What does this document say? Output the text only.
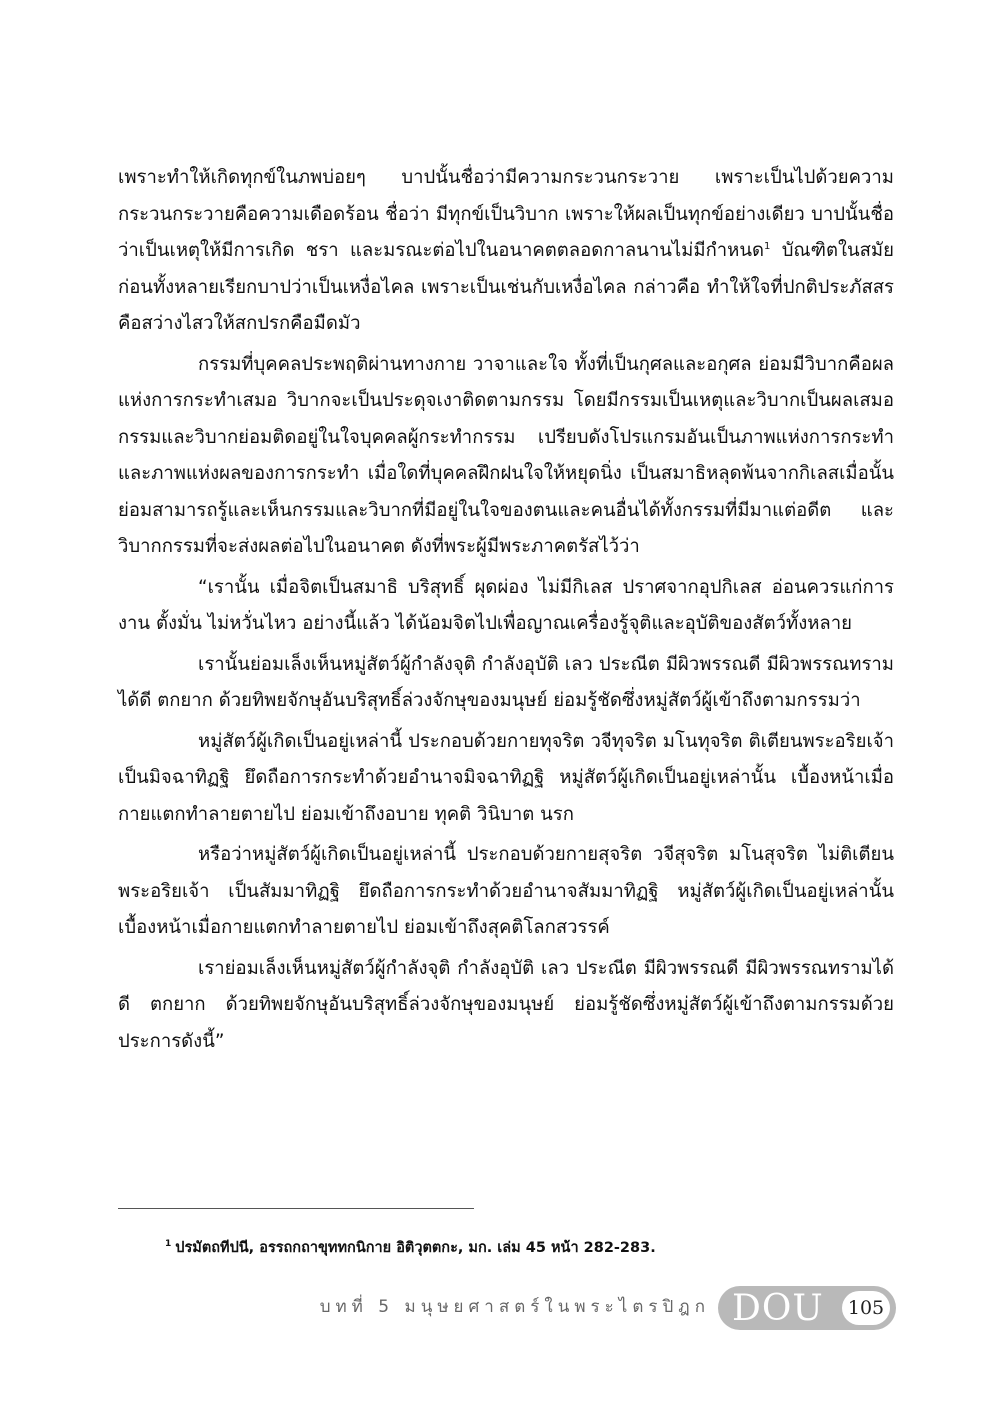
เพราะทำให้เกิดทุกข์ในภพบ่อยๆ บาปนั้นชื่อว่ามีความกระวนกระวาย เพราะเป็นไปด้วยความกระวนกระวายคือความเดือดร้อน ชื่อว่า มีทุกข์เป็นวิบาก เพราะให้ผลเป็นทุกข์อย่างเดียว บาปนั้นชื่อว่าเป็นเหตุให้มีการเกิด ชรา และมรณะต่อไปในอนาคตตลอดกาลนานไม่มีกำหนด$^1$ บัณฑิตในสมัยก่อนทั้งหลายเรียกบาปว่าเป็นเหงื่อไคล เพราะเป็นเช่นกับเหงื่อไคล กล่าวคือ ทำให้ใจที่ปกติประภัสสรคือสว่างไสวให้สกปรกคือมืดมัว

กรรมที่บุคคลประพฤติผ่านทางกาย วาจาและใจ ทั้งที่เป็นกุศลและอกุศล ย่อมมีวิบากคือผลแห่งการกระทำเสมอ วิบากจะเป็นประดุจเงาติดตามกรรม โดยมีกรรมเป็นเหตุและวิบากเป็นผลเสมอ กรรมและวิบากย่อมติดอยู่ในใจบุคคลผู้กระทำกรรม เปรียบดังโปรแกรมอันเป็นภาพแห่งการกระทำและภาพแห่งผลของการกระทำ เมื่อใดที่บุคคลฝึกฝนใจให้หยุดนิ่ง เป็นสมาธิหลุดพ้นจากกิเลสเมื่อนั้นย่อมสามารถรู้และเห็นกรรมและวิบากที่มีอยู่ในใจของตนและคนอื่นได้ทั้งกรรมที่มีมาแต่อดีต และวิบากกรรมที่จะส่งผลต่อไปในอนาคต ดังที่พระผู้มีพระภาคตรัสไว้ว่า

“เรานั้น เมื่อจิตเป็นสมาธิ บริสุทธิ์ ผุดผ่อง ไม่มีกิเลส ปราศจากอุปกิเลส อ่อนควรแก่การงาน ตั้งมั่น ไม่หวั่นไหว อย่างนี้แล้ว ได้น้อมจิตไปเพื่อญาณเครื่องรู้จุติและอุบัติของสัตว์ทั้งหลาย

เรานั้นย่อมเล็งเห็นหมู่สัตว์ผู้กำลังจุติ กำลังอุบัติ เลว ประณีต มีผิวพรรณดี มีผิวพรรณทราม ได้ดี ตกยาก ด้วยทิพยจักษุอันบริสุทธิ์ล่วงจักษุของมนุษย์ ย่อมรู้ชัดซึ่งหมู่สัตว์ผู้เข้าถึงตามกรรมว่า

หมู่สัตว์ผู้เกิดเป็นอยู่เหล่านี้ ประกอบด้วยกายทุจริต วจีทุจริต มโนทุจริต ติเตียนพระอริยเจ้า เป็นมิจฉาทิฏฐิ ยึดถือการกระทำด้วยอำนาจมิจฉาทิฏฐิ หมู่สัตว์ผู้เกิดเป็นอยู่เหล่านั้น เบื้องหน้าเมื่อกายแตกทำลายตายไป ย่อมเข้าถึงอบาย ทุคติ วินิบาต นรก

หรือว่าหมู่สัตว์ผู้เกิดเป็นอยู่เหล่านี้ ประกอบด้วยกายสุจริต วจีสุจริต มโนสุจริต ไม่ติเตียนพระอริยเจ้า เป็นสัมมาทิฏฐิ ยึดถือการกระทำด้วยอำนาจสัมมาทิฏฐิ หมู่สัตว์ผู้เกิดเป็นอยู่เหล่านั้น เบื้องหน้าเมื่อกายแตกทำลายตายไป ย่อมเข้าถึงสุคติโลกสวรรค์

เราย่อมเล็งเห็นหมู่สัตว์ผู้กำลังจุติ กำลังอุบัติ เลว ประณีต มีผิวพรรณดี มีผิวพรรณทรามได้ดี ตกยาก ด้วยทิพยจักษุอันบริสุทธิ์ล่วงจักษุของมนุษย์ ย่อมรู้ชัดซึ่งหมู่สัตว์ผู้เข้าถึงตามกรรมด้วยประการดังนี้”

$^1$ ปรมัตถทีปนี, อรรถกถาขุททกนิกาย อิติวุตตกะ, มก. เล่ม 45 หน้า 282-283.
บทที่ 5 มนุษยศาสตร์ในพระไตรปิฎก DOU	105
